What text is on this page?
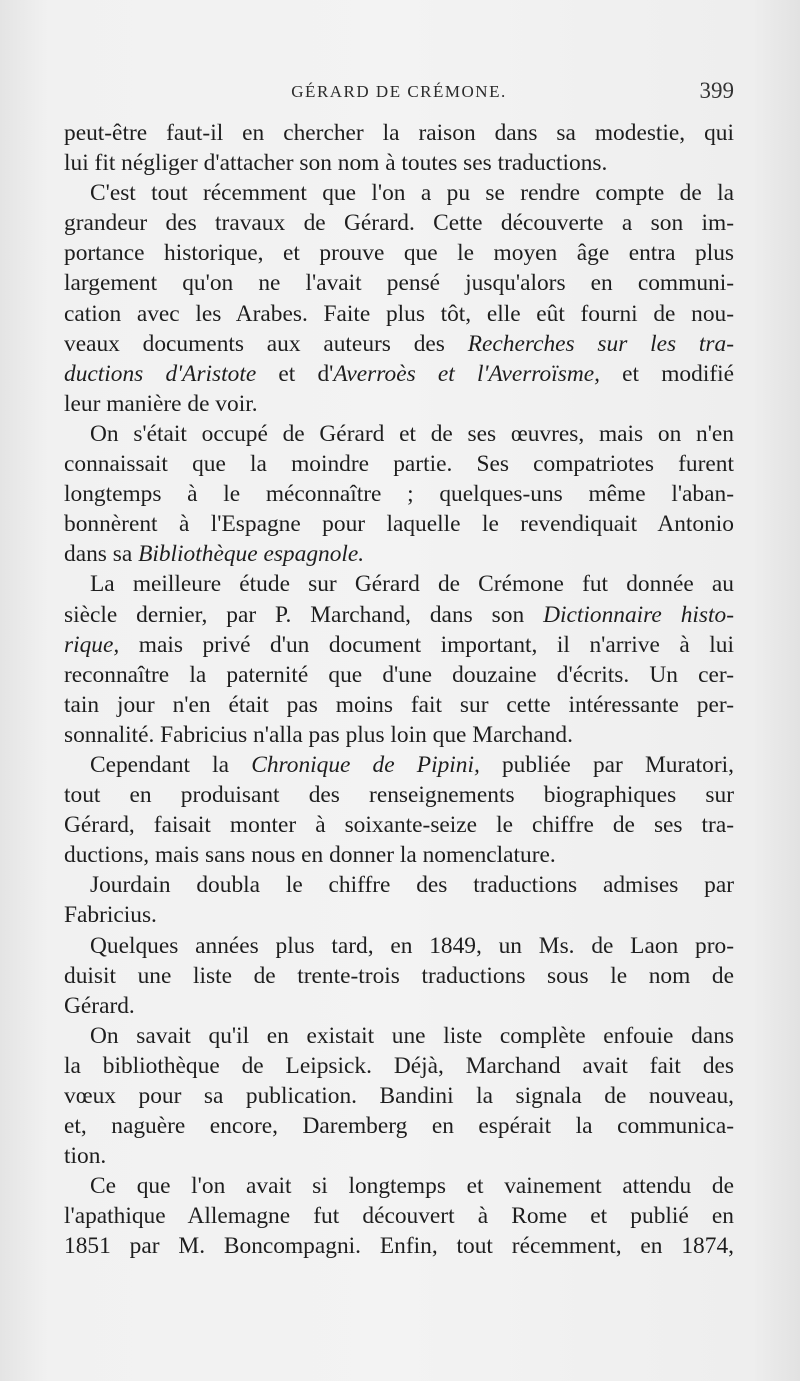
GÉRARD DE CRÉMONE.	399
peut-être faut-il en chercher la raison dans sa modestie, qui
lui fit négliger d'attacher son nom à toutes ses traductions.
C'est tout récemment que l'on a pu se rendre compte de la
grandeur des travaux de Gérard. Cette découverte a son im-
portance historique, et prouve que le moyen âge entra plus
largement qu'on ne l'avait pensé jusqu'alors en communi-
cation avec les Arabes. Faite plus tôt, elle eût fourni de nou-
veaux documents aux auteurs des Recherches sur les tra-
ductions d'Aristote et d'Averroès et l'Averroïsme, et modifié
leur manière de voir.
On s'était occupé de Gérard et de ses œuvres, mais on n'en
connaissait que la moindre partie. Ses compatriotes furent
longtemps à le méconnaître ; quelques-uns même l'aban-
bonnèrent à l'Espagne pour laquelle le revendiquait Antonio
dans sa Bibliothèque espagnole.
La meilleure étude sur Gérard de Crémone fut donnée au
siècle dernier, par P. Marchand, dans son Dictionnaire histo-
rique, mais privé d'un document important, il n'arrive à lui
reconnaître la paternité que d'une douzaine d'écrits. Un cer-
tain jour n'en était pas moins fait sur cette intéressante per-
sonnalité. Fabricius n'alla pas plus loin que Marchand.
Cependant la Chronique de Pipini, publiée par Muratori,
tout en produisant des renseignements biographiques sur
Gérard, faisait monter à soixante-seize le chiffre de ses tra-
ductions, mais sans nous en donner la nomenclature.
Jourdain doubla le chiffre des traductions admises par
Fabricius.
Quelques années plus tard, en 1849, un Ms. de Laon pro-
duisit une liste de trente-trois traductions sous le nom de
Gérard.
On savait qu'il en existait une liste complète enfouie dans
la bibliothèque de Leipsick. Déjà, Marchand avait fait des
vœux pour sa publication. Bandini la signala de nouveau,
et, naguère encore, Daremberg en espérait la communica-
tion.
Ce que l'on avait si longtemps et vainement attendu de
l'apathique Allemagne fut découvert à Rome et publié en
1851 par M. Boncompagni. Enfin, tout récemment, en 1874,
